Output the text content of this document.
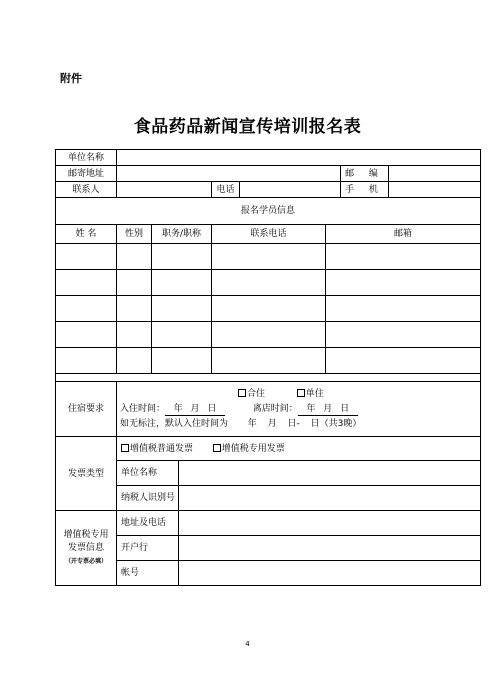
附件
食品药品新闻宣传培训报名表
单位名称								
邮寄地址							邮 编	
联系人				电话			手 机	
报名学员信息								
姓 名	性别	职务/职称		联系电话		邮箱		

住宿要求	合住 单住
入住时间： 年 月 日 离店时间： 年 月 日
如无标注，默认入住时间为 年 月 日- 日（共3晚）							

发票类型	增值税普通发票 增值税专用发票							
	单位名称							
	纳税人识别号							

增值税专用
发票信息
（开专票必填）	地址及电话							
	开户行							
	帐号							
4
